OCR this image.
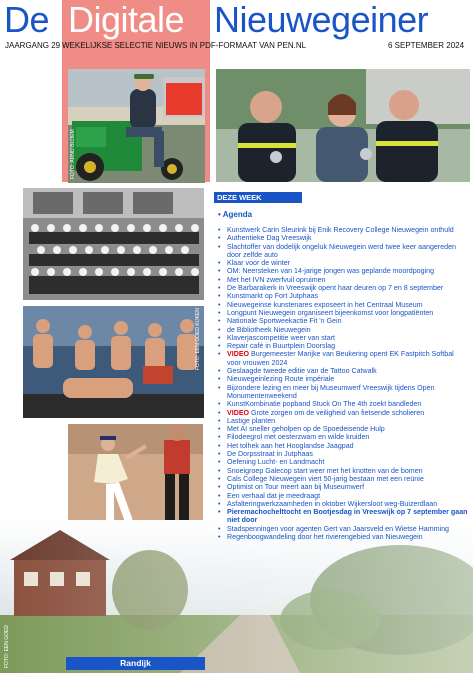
De Digitale Nieuwegeiner
JAARGANG 29 WEKELIJKSE SELECTIE NIEUWS IN PDF-FORMAAT VAN PEN.NL	6 SEPTEMBER 2024
FOTO: ARNO BLOEM
FOTO: EEN GOED KIJKEN
FOTO: EEN GOED
DEZE WEEK
• Agenda
• Kunstwerk Carin Sleurink bij Enik Recovery College Nieuwegein onthuld
• Authentieke Dag Vreeswijk
• Slachtoffer van dodelijk ongeluk Nieuwegein werd twee keer aangereden door zelfde auto
• Klaar voor de winter
• OM: Neersteken van 14-jarige jongen was geplande moordpoging
• Met het IVN zwerfvuil opruimen
• De Barbarakerk in Vreeswijk opent haar deuren op 7 en 8 september
• Kunstmarkt op Fort Jutphaas
• Nieuwegeinse kunstenares exposeert in het Centraal Museum
• Longpunt Nieuwegein organiseert bijeenkomst voor longpatiënten
• Nationale Sportweekactie Fit 'n Gein
• de Bibliotheek Nieuwegein
• Klaverjascompetitie weer van start
• Repair café in Buurtplein Doorslag
• VIDEO Burgemeester Marijke van Beukering opent EK Fastpitch Softbal voor vrouwen 2024
• Geslaagde tweede editie van de Tattoo Catwalk
• Nieuwegeinlezing Route impériale
• Bijzondere lezing en meer bij Museumwerf Vreeswijk tijdens Open Monumentenweekend
• KunstKombinatie popband Stuck On The 4th zoekt bandleden
• VIDEO Grote zorgen om de veiligheid van fietsende scholieren
• Lastige planten
• Met AI sneller geholpen op de Spoedeisende Hulp
• Filodeegrol met oesterzwam en wilde kruiden
• Het tolhek aan het Hooglandse Jaagpad
• De Dorpsstraat in Jutphaas
• Oefening Lucht- en Landmacht
• Snoeigroep Galecop start weer met het knotten van de bomen
• Cals College Nieuwegein viert 50-jarig bestaan met een reünie
• Optimist on Tour meert aan bij Museumwerf
• Een verhaal dat je meedraagt
• Asfalteringwerkzaamheden in oktober Wijkersloot weg-Buizerdlaan
• Pieremachochelttocht en Bootjesdag in Vreeswijk op 7 september gaan niet door
• Stadspenningen voor agenten Gert van Jaarsveld en Wietse Hamming
• Regenboogwandeling door het rivierengebied van Nieuwegein
Randijk
